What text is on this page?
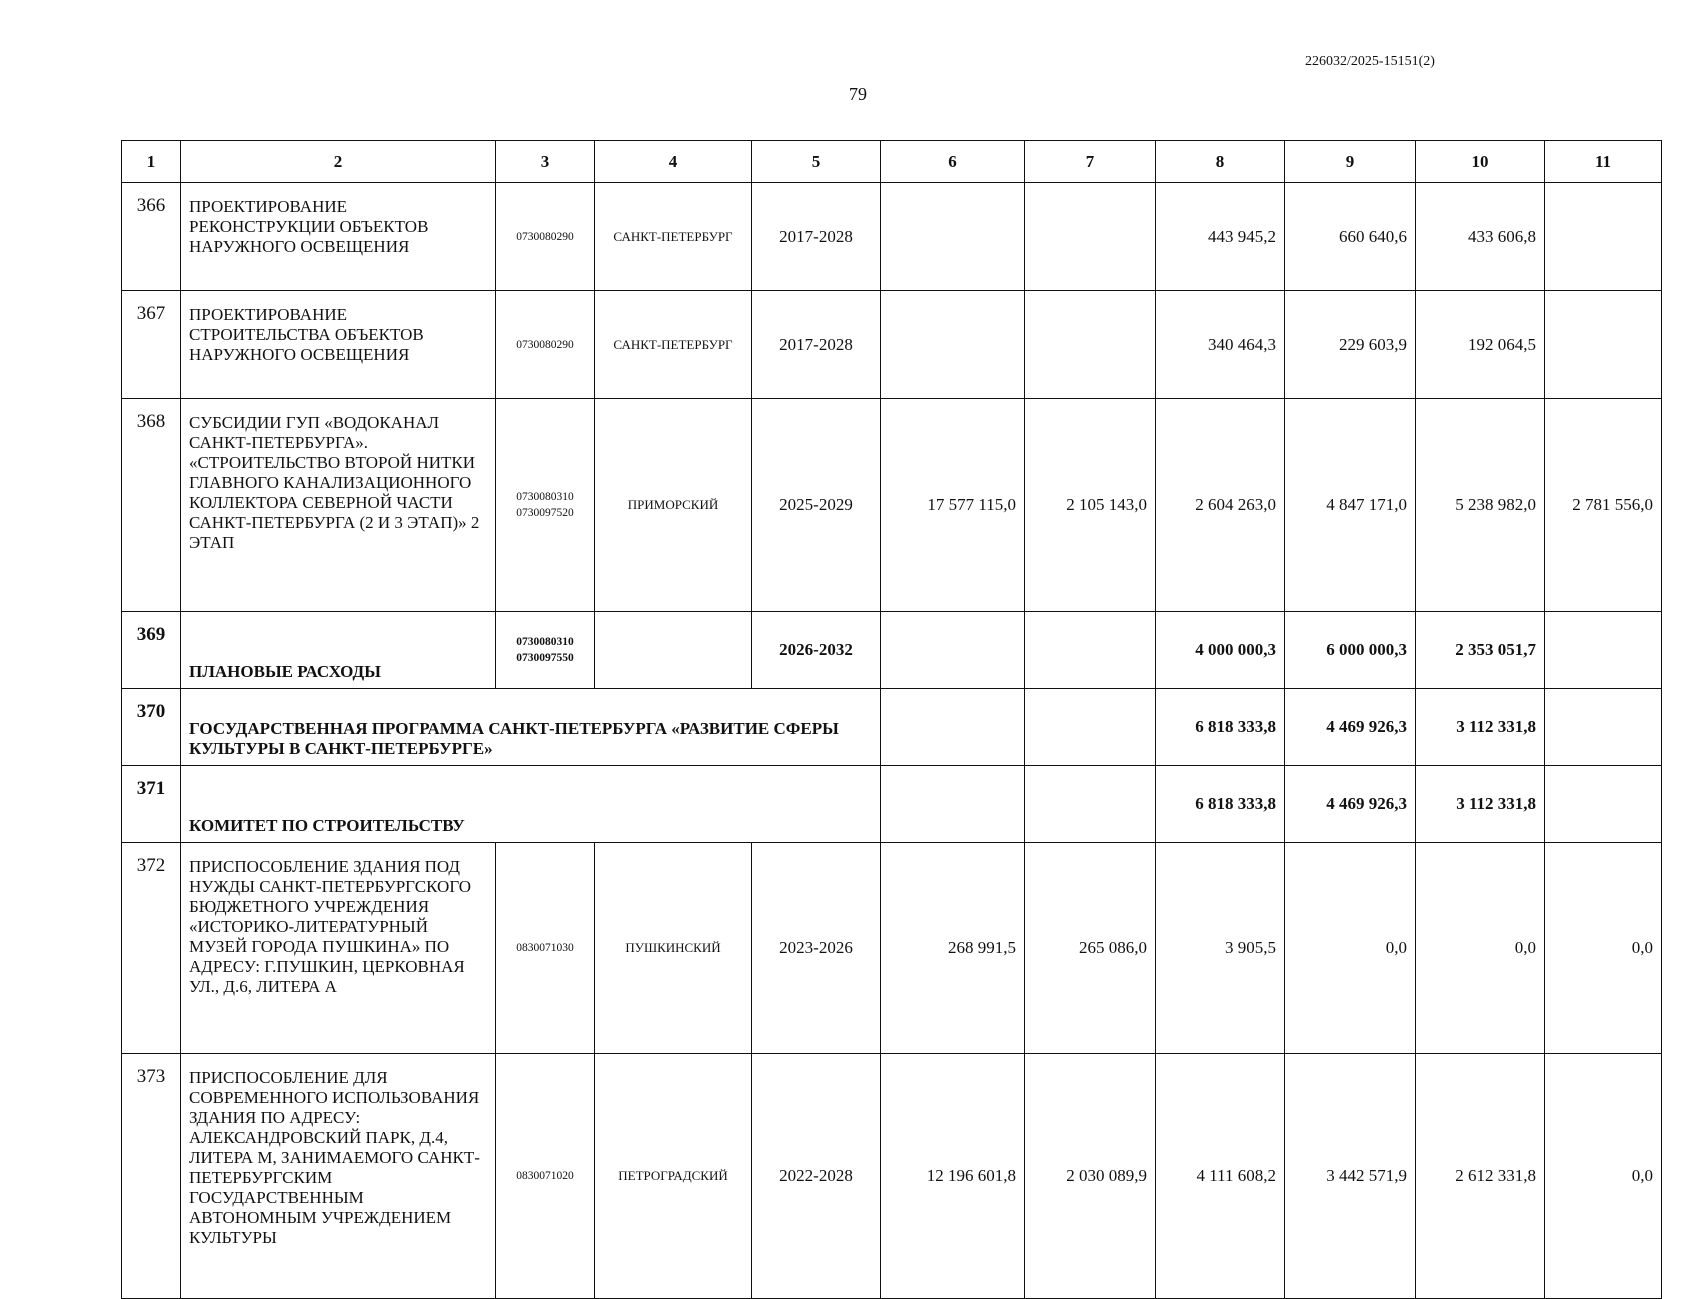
226032/2025-15151(2)
79
1	2	3	4	5	6	7	8	9	10	11
366	ПРОЕКТИРОВАНИЕ РЕКОНСТРУКЦИИ ОБЪЕКТОВ НАРУЖНОГО ОСВЕЩЕНИЯ	0730080290	САНКТ-ПЕТЕРБУРГ	2017-2028			443 945,2	660 640,6	433 606,8	
367	ПРОЕКТИРОВАНИЕ СТРОИТЕЛЬСТВА ОБЪЕКТОВ НАРУЖНОГО ОСВЕЩЕНИЯ	0730080290	САНКТ-ПЕТЕРБУРГ	2017-2028			340 464,3	229 603,9	192 064,5	
368	СУБСИДИИ ГУП «ВОДОКАНАЛ САНКТ-ПЕТЕРБУРГА». «СТРОИТЕЛЬСТВО ВТОРОЙ НИТКИ ГЛАВНОГО КАНАЛИЗАЦИОННОГО КОЛЛЕКТОРА СЕВЕРНОЙ ЧАСТИ САНКТ-ПЕТЕРБУРГА (2 И 3 ЭТАП)» 2 ЭТАП	0730080310 0730097520	ПРИМОРСКИЙ	2025-2029	17 577 115,0	2 105 143,0	2 604 263,0	4 847 171,0	5 238 982,0	2 781 556,0
369	ПЛАНОВЫЕ РАСХОДЫ	0730080310 0730097550		2026-2032			4 000 000,3	6 000 000,3	2 353 051,7	
370	ГОСУДАРСТВЕННАЯ ПРОГРАММА САНКТ-ПЕТЕРБУРГА «РАЗВИТИЕ СФЕРЫ КУЛЬТУРЫ В САНКТ-ПЕТЕРБУРГЕ»						6 818 333,8	4 469 926,3	3 112 331,8	
371	КОМИТЕТ ПО СТРОИТЕЛЬСТВУ						6 818 333,8	4 469 926,3	3 112 331,8	
372	ПРИСПОСОБЛЕНИЕ ЗДАНИЯ ПОД НУЖДЫ САНКТ-ПЕТЕРБУРГСКОГО БЮДЖЕТНОГО УЧРЕЖДЕНИЯ «ИСТОРИКО-ЛИТЕРАТУРНЫЙ МУЗЕЙ ГОРОДА ПУШКИНА» ПО АДРЕСУ: Г.ПУШКИН, ЦЕРКОВНАЯ УЛ., Д.6, ЛИТЕРА А	0830071030	ПУШКИНСКИЙ	2023-2026	268 991,5	265 086,0	3 905,5	0,0	0,0	0,0
373	ПРИСПОСОБЛЕНИЕ ДЛЯ СОВРЕМЕННОГО ИСПОЛЬЗОВАНИЯ ЗДАНИЯ ПО АДРЕСУ: АЛЕКСАНДРОВСКИЙ ПАРК, Д.4, ЛИТЕРА М, ЗАНИМАЕМОГО САНКТ-ПЕТЕРБУРГСКИМ ГОСУДАРСТВЕННЫМ АВТОНОМНЫМ УЧРЕЖДЕНИЕМ КУЛЬТУРЫ	0830071020	ПЕТРОГРАДСКИЙ	2022-2028	12 196 601,8	2 030 089,9	4 111 608,2	3 442 571,9	2 612 331,8	0,0
